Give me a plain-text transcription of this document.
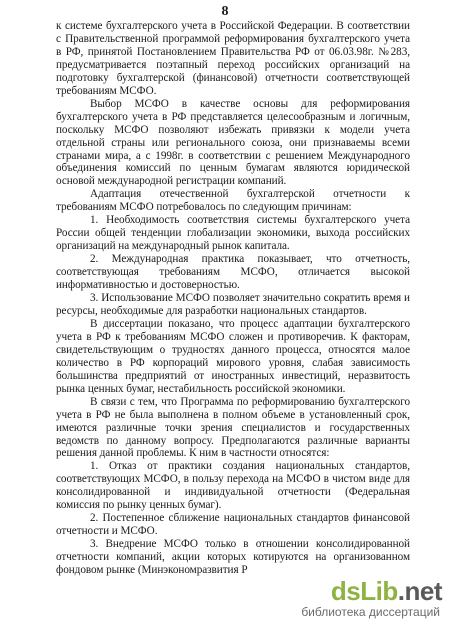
8

к системе бухгалтерского учета в Российской Федерации. В соответствии с Правительственной программой реформирования бухгалтерского учета в РФ, принятой Постановлением Правительства РФ от 06.03.98г. №283, предусматривается поэтапный переход российских организаций на подготовку бухгалтерской (финансовой) отчетности соответствующей требованиям МСФО.

Выбор МСФО в качестве основы для реформирования бухгалтерского учета в РФ представляется целесообразным и логичным, поскольку МСФО позволяют избежать привязки к модели учета отдельной страны или регионального союза, они признаваемы всеми странами мира, а с 1998г. в соответствии с решением Международного объединения комиссий по ценным бумагам являются юридической основой международной регистрации компаний.

Адаптация отечественной бухгалтерской отчетности к требованиям МСФО потребовалось по следующим причинам:

1. Необходимость соответствия системы бухгалтерского учета России общей тенденции глобализации экономики, выхода российских организаций на международный рынок капитала.

2. Международная практика показывает, что отчетность, соответствующая требованиям МСФО, отличается высокой информативностью и достоверностью.

3. Использование МСФО позволяет значительно сократить время и ресурсы, необходимые для разработки национальных стандартов.

В диссертации показано, что процесс адаптации бухгалтерского учета в РФ к требованиям МСФО сложен и противоречив. К факторам, свидетельствующим о трудностях данного процесса, относятся малое количество в РФ корпораций мирового уровня, слабая зависимость большинства предприятий от иностранных инвестиций, неразвитость рынка ценных бумаг, нестабильность российской экономики.

В связи с тем, что Программа по реформированию бухгалтерского учета в РФ не была выполнена в полном объеме в установленный срок, имеются различные точки зрения специалистов и государственных ведомств по данному вопросу. Предполагаются различные варианты решения данной проблемы. К ним в частности относятся:

1. Отказ от практики создания национальных стандартов, соответствующих МСФО, в пользу перехода на МСФО в чистом виде для консолидированной и индивидуальной отчетности (Федеральная комиссия по рынку ценных бумаг).

2. Постепенное сближение национальных стандартов финансовой отчетности и МСФО.

3. Внедрение МСФО только в отношении консолидированной отчетности компаний, акции которых котируются на организованном фондовом рынке (Минэкономразвития Р

dsLib.net
библиотека диссертаций
